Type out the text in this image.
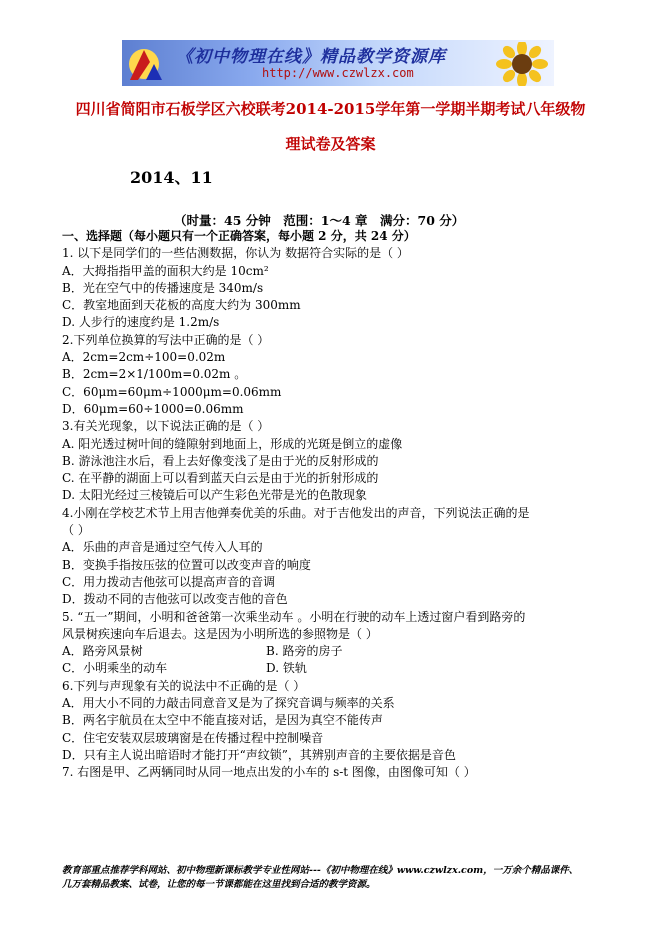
《初中物理在线》精品教学资源库
http://www.czwlzx.com
四川省简阳市石板学区六校联考2014-2015学年第一学期半期考试八年级物
理试卷及答案
2014、11
（时量：45 分钟　范围：1～4 章　满分：70 分）
一、选择题（每小题只有一个正确答案，每小题 2 分，共 24 分）
1. 以下是同学们的一些估测数据，你认为 数据符合实际的是（ ）
A．大拇指指甲盖的面积大约是 10cm²
B．光在空气中的传播速度是 340m/s
C．教室地面到天花板的高度大约为 300mm
D. 人步行的速度约是 1.2m/s
2.下列单位换算的写法中正确的是（ ）
A．2cm=2cm÷100=0.02m
B．2cm=2×1/100m=0.02m 。
C．60μm=60μm÷1000μm=0.06mm
D．60μm=60÷1000=0.06mm
3.有关光现象，以下说法正确的是（ ）
A. 阳光透过树叶间的缝隙射到地面上，形成的光斑是倒立的虚像
B. 游泳池注水后，看上去好像变浅了是由于光的反射形成的
C. 在平静的湖面上可以看到蓝天白云是由于光的折射形成的
D. 太阳光经过三棱镜后可以产生彩色光带是光的色散现象
4.小刚在学校艺术节上用吉他弹奏优美的乐曲。对于吉他发出的声音，下列说法正确的是
（ ）
A．乐曲的声音是通过空气传入人耳的
B．变换手指按压弦的位置可以改变声音的响度
C．用力拨动吉他弦可以提高声音的音调
D．拨动不同的吉他弦可以改变吉他的音色
5. “五一”期间，小明和爸爸第一次乘坐动车 。小明在行驶的动车上透过窗户看到路旁的
风景树疾速向车后退去。这是因为小明所选的参照物是（ ）
A．路旁风景树	B. 路旁的房子
C．小明乘坐的动车	D. 铁轨
6.下列与声现象有关的说法中不正确的是（ ）
A．用大小不同的力敲击同意音叉是为了探究音调与频率的关系
B．两名宇航员在太空中不能直接对话，是因为真空不能传声
C．住宅安装双层玻璃窗是在传播过程中控制噪音
D．只有主人说出暗语时才能打开“声纹锁”，其辨别声音的主要依据是音色
7. 右图是甲、乙两辆同时从同一地点出发的小车的 s-t 图像，由图像可知（ ）
教育部重点推荐学科网站、初中物理新课标教学专业性网站---《初中物理在线》www.czwlzx.com，一万余个精品课件、
几万套精品教案、试卷，让您的每一节课都能在这里找到合适的教学资源。
